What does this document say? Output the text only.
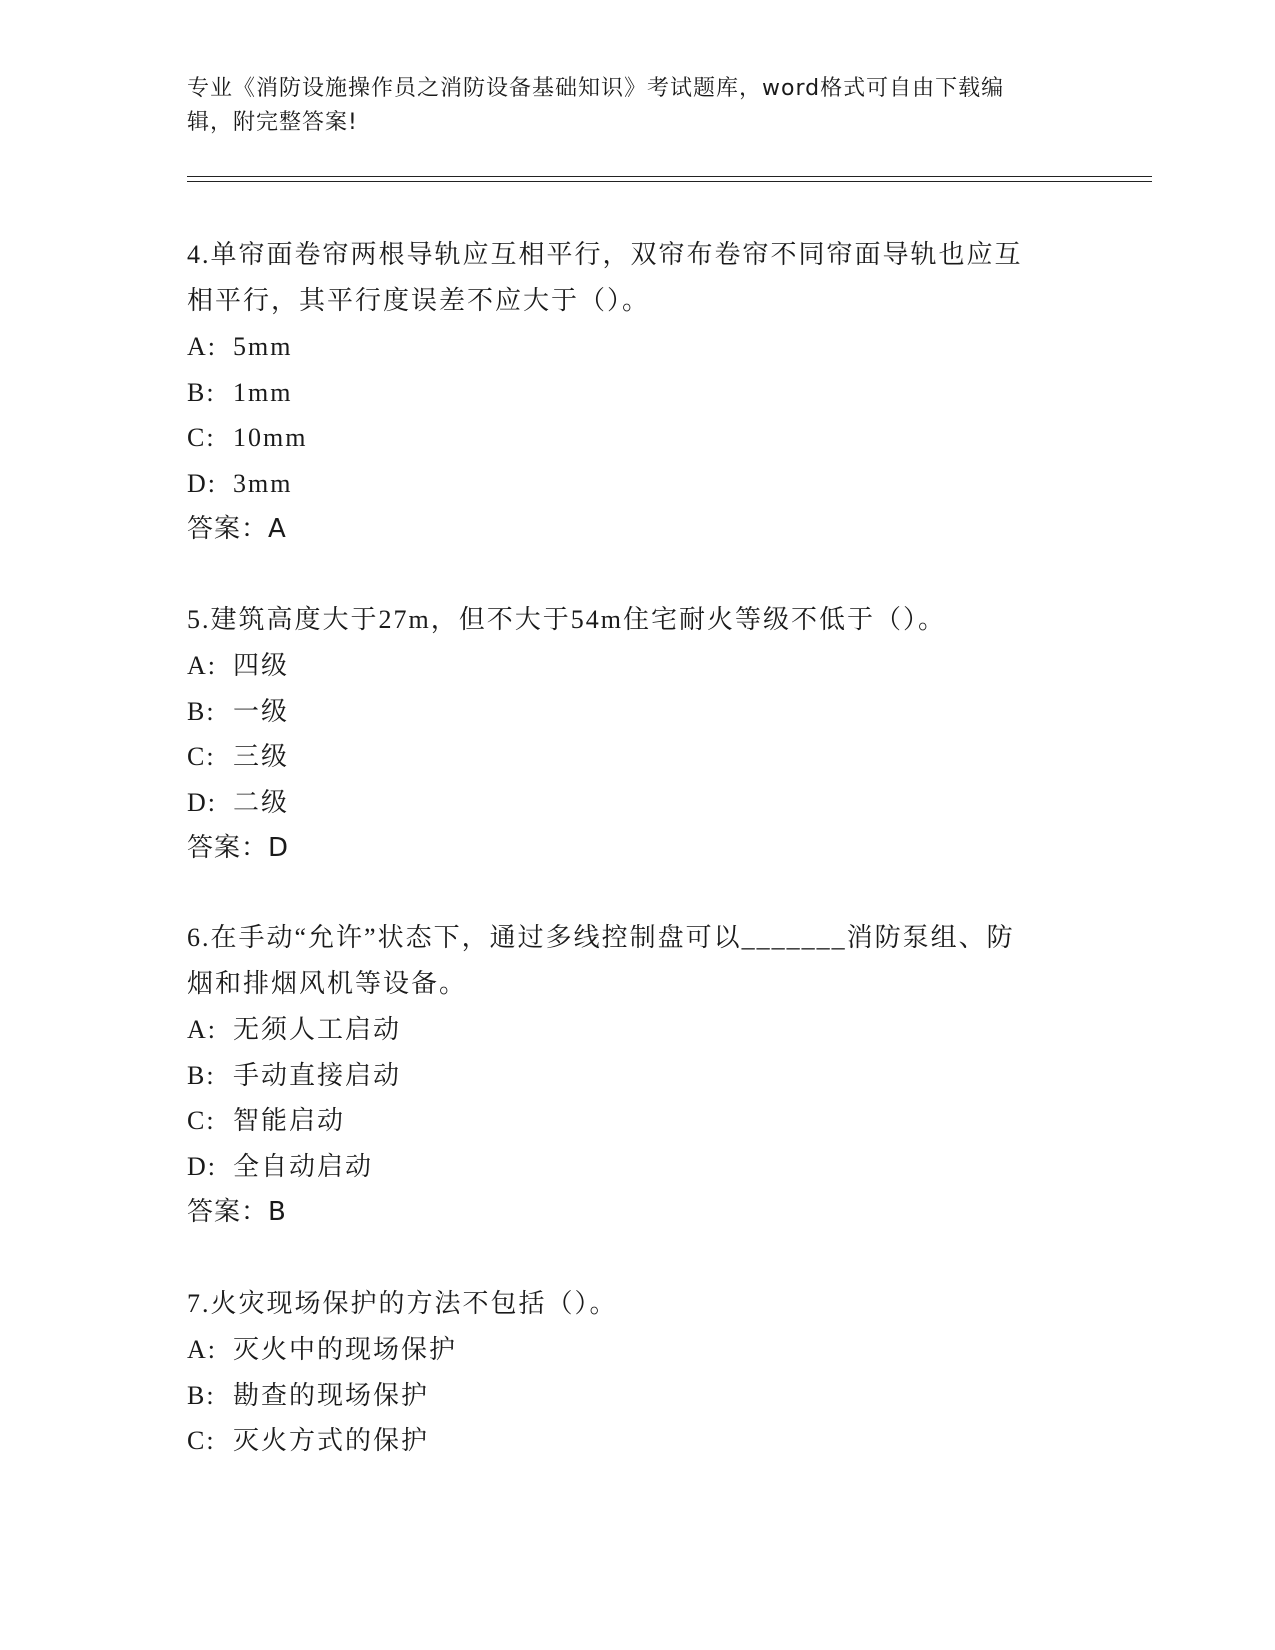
专业《消防设施操作员之消防设备基础知识》考试题库，word格式可自由下载编
辑，附完整答案!
4.单帘面卷帘两根导轨应互相平行，双帘布卷帘不同帘面导轨也应互
相平行，其平行度误差不应大于（）。
A: 5mm
B: 1mm
C: 10mm
D: 3mm
答案：A
5.建筑高度大于27m，但不大于54m住宅耐火等级不低于（）。
A: 四级
B: 一级
C: 三级
D: 二级
答案：D
6.在手动“允许”状态下，通过多线控制盘可以_______消防泵组、防
烟和排烟风机等设备。
A: 无须人工启动
B: 手动直接启动
C: 智能启动
D: 全自动启动
答案：B
7.火灾现场保护的方法不包括（）。
A: 灭火中的现场保护
B: 勘查的现场保护
C: 灭火方式的保护
